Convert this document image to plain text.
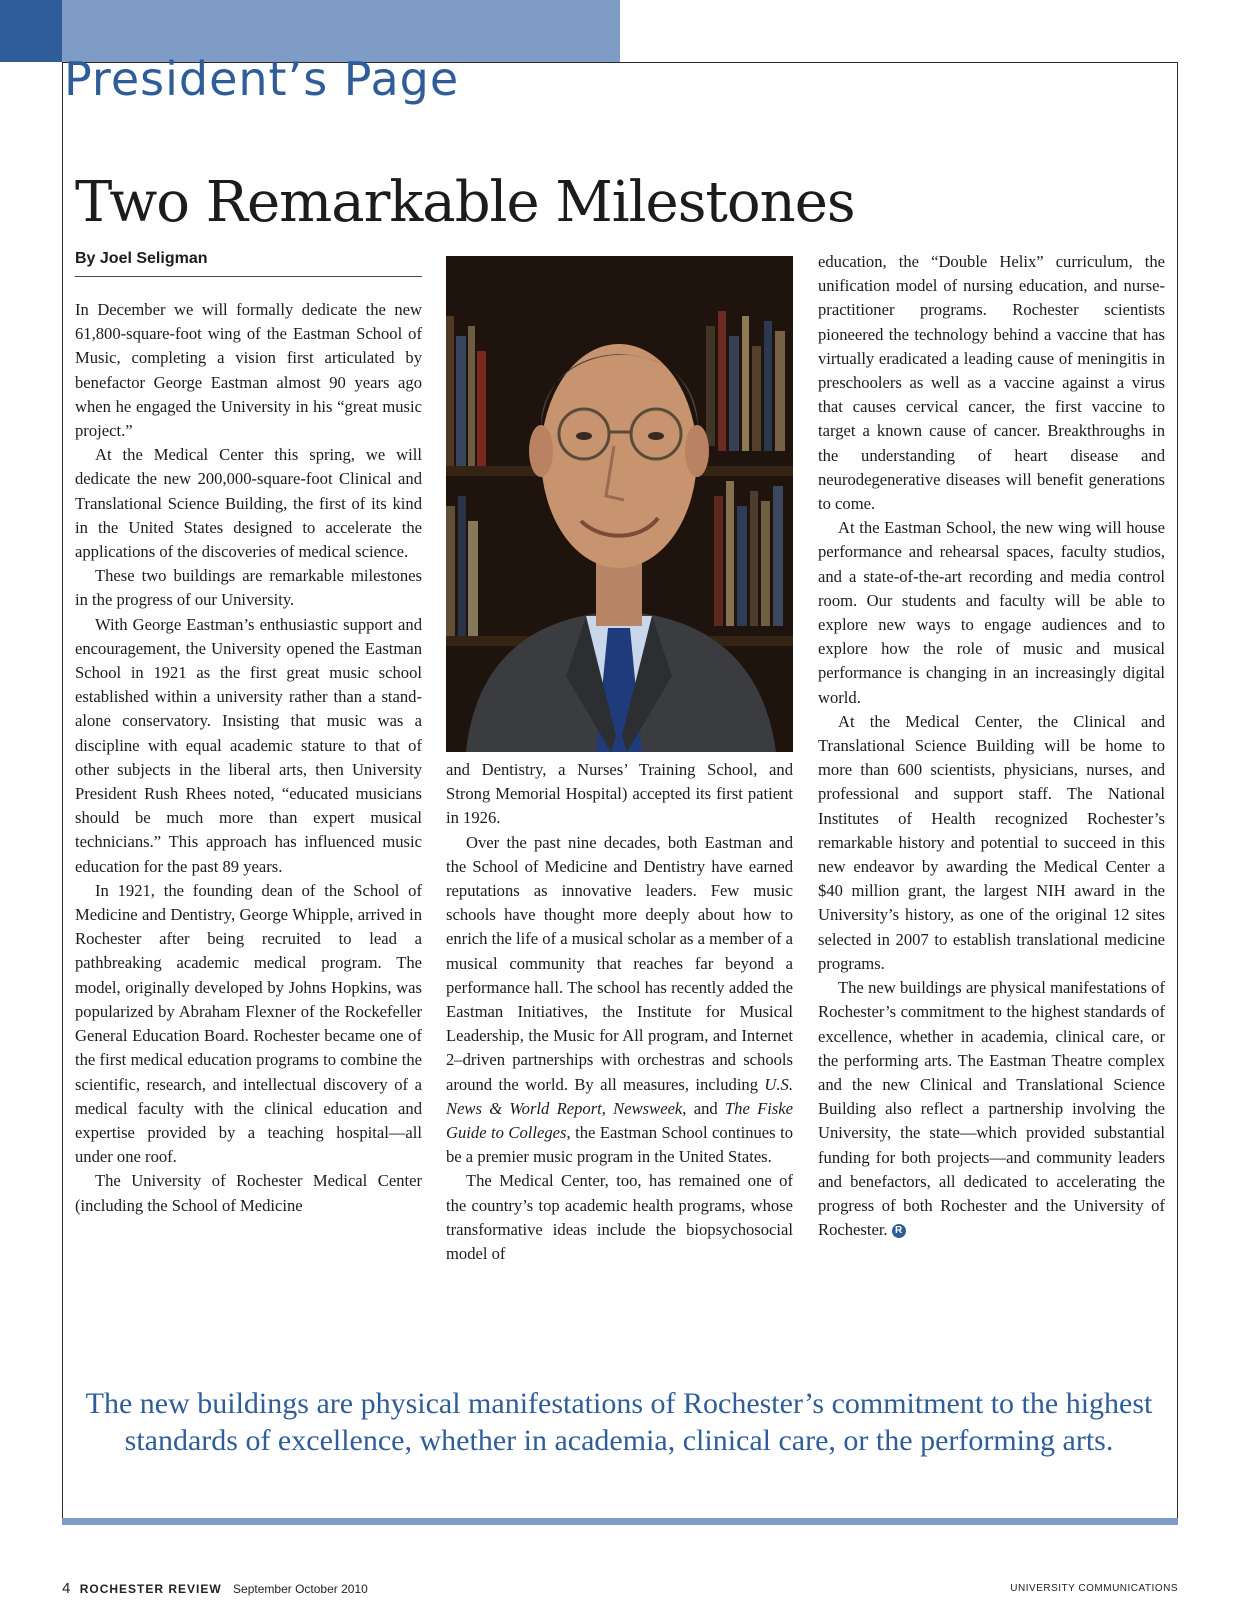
President’s Page
Two Remarkable Milestones
By Joel Seligman

In December we will formally dedicate the new 61,800-square-foot wing of the Eastman School of Music, completing a vision first articulated by benefactor George Eastman almost 90 years ago when he engaged the University in his “great music project.”

At the Medical Center this spring, we will dedicate the new 200,000-square-foot Clinical and Translational Science Building, the first of its kind in the United States designed to accelerate the applications of the discoveries of medical science.

These two buildings are remarkable milestones in the progress of our University.

With George Eastman’s enthusiastic support and encouragement, the University opened the Eastman School in 1921 as the first great music school established within a university rather than a stand-alone conservatory. Insisting that music was a discipline with equal academic stature to that of other subjects in the liberal arts, then University President Rush Rhees noted, “educated musicians should be much more than expert musical technicians.” This approach has influenced music education for the past 89 years.

In 1921, the founding dean of the School of Medicine and Dentistry, George Whipple, arrived in Rochester after being recruited to lead a pathbreaking academic medical program. The model, originally developed by Johns Hopkins, was popularized by Abraham Flexner of the Rockefeller General Education Board. Rochester became one of the first medical education programs to combine the scientific, research, and intellectual discovery of a medical faculty with the clinical education and expertise provided by a teaching hospital—all under one roof.

The University of Rochester Medical Center (including the School of Medicine

and Dentistry, a Nurses’ Training School, and Strong Memorial Hospital) accepted its first patient in 1926.

Over the past nine decades, both Eastman and the School of Medicine and Dentistry have earned reputations as innovative leaders. Few music schools have thought more deeply about how to enrich the life of a musical scholar as a member of a musical community that reaches far beyond a performance hall. The school has recently added the Eastman Initiatives, the Institute for Musical Leadership, the Music for All program, and Internet 2–driven partnerships with orchestras and schools around the world. By all measures, including U.S. News & World Report, Newsweek, and The Fiske Guide to Colleges, the Eastman School continues to be a premier music program in the United States.

The Medical Center, too, has remained one of the country’s top academic health programs, whose transformative ideas include the biopsychosocial model of

education, the “Double Helix” curriculum, the unification model of nursing education, and nurse-practitioner programs. Rochester scientists pioneered the technology behind a vaccine that has virtually eradicated a leading cause of meningitis in preschoolers as well as a vaccine against a virus that causes cervical cancer, the first vaccine to target a known cause of cancer. Breakthroughs in the understanding of heart disease and neurodegenerative diseases will benefit generations to come.

At the Eastman School, the new wing will house performance and rehearsal spaces, faculty studios, and a state-of-the-art recording and media control room. Our students and faculty will be able to explore new ways to engage audiences and to explore how the role of music and musical performance is changing in an increasingly digital world.

At the Medical Center, the Clinical and Translational Science Building will be home to more than 600 scientists, physicians, nurses, and professional and support staff. The National Institutes of Health recognized Rochester’s remarkable history and potential to succeed in this new endeavor by awarding the Medical Center a $40 million grant, the largest NIH award in the University’s history, as one of the original 12 sites selected in 2007 to establish translational medicine programs.

The new buildings are physical manifestations of Rochester’s commitment to the highest standards of excellence, whether in academia, clinical care, or the performing arts. The Eastman Theatre complex and the new Clinical and Translational Science Building also reflect a partnership involving the University, the state—which provided substantial funding for both projects—and community leaders and benefactors, all dedicated to accelerating the progress of both Rochester and the University of Rochester. R

The new buildings are physical manifestations of Rochester’s commitment to the highest standards of excellence, whether in academia, clinical care, or the performing arts.

4 ROCHESTER REVIEW September October 2010	UNIVERSITY COMMUNICATIONS
